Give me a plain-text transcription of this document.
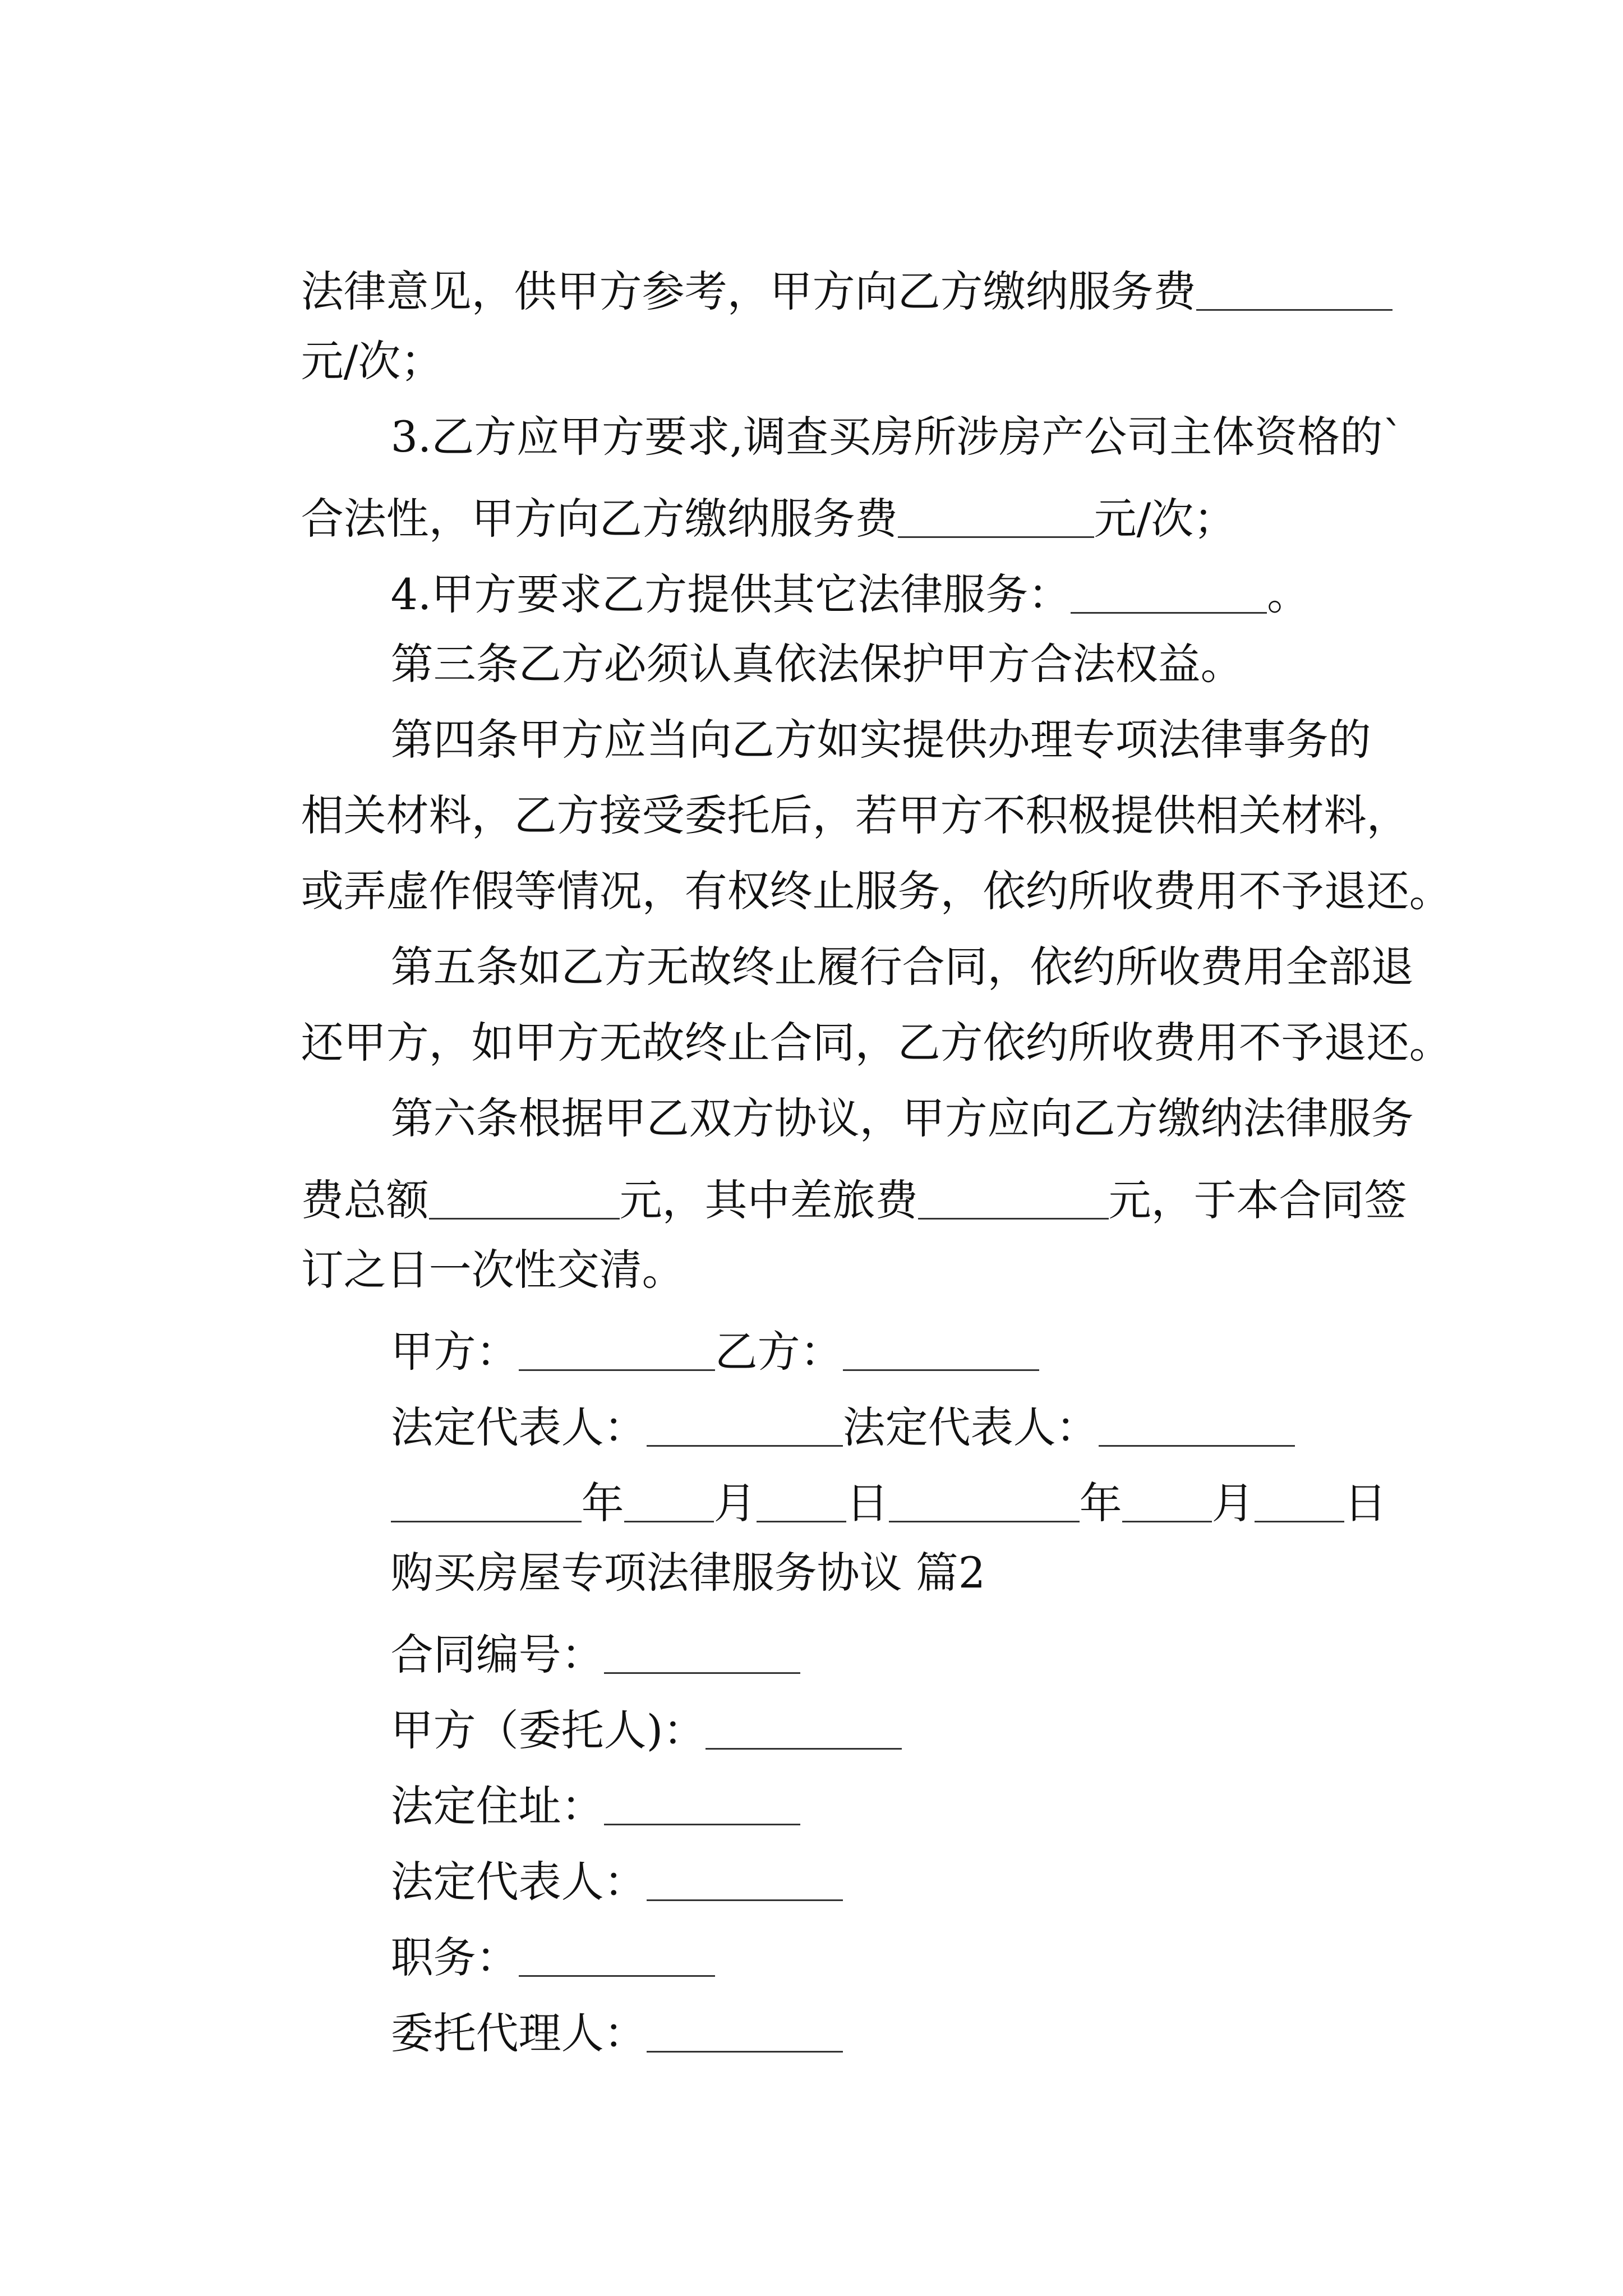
法律意见，供甲方参考，甲方向乙方缴纳服务费

元/次；

3.乙方应甲方要求,调查买房所涉房产公司主体资格的`

合法性，甲方向乙方缴纳服务费	元/次；

4.甲方要求乙方提供其它法律服务：	。

第三条乙方必须认真依法保护甲方合法权益。

第四条甲方应当向乙方如实提供办理专项法律事务的

相关材料，乙方接受委托后，若甲方不积极提供相关材料，

或弄虚作假等情况，有权终止服务，依约所收费用不予退还。

第五条如乙方无故终止履行合同，依约所收费用全部退

还甲方，如甲方无故终止合同，乙方依约所收费用不予退还。

第六条根据甲乙双方协议，甲方应向乙方缴纳法律服务

费总额	元，其中差旅费	元，于本合同签

订之日一次性交清。

甲方：	乙方：

法定代表人：	法定代表人：

年 月 日	年 月 日

购买房屋专项法律服务协议 篇2

合同编号：

甲方（委托人)：

法定住址：

法定代表人：

职务：

委托代理人：
